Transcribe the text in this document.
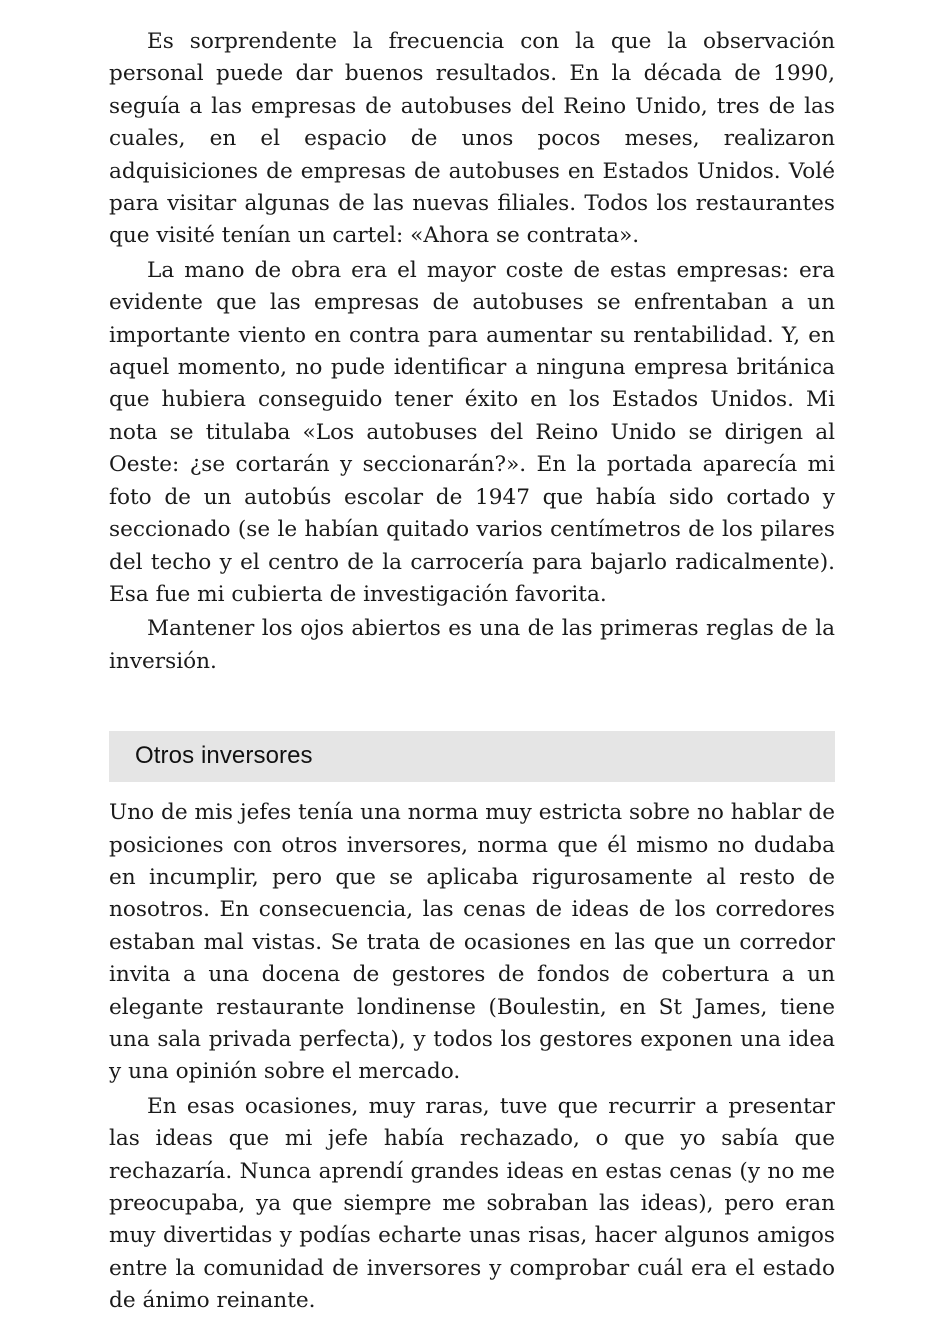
Es sorprendente la frecuencia con la que la observación personal puede dar buenos resultados. En la década de 1990, seguía a las empresas de autobuses del Reino Unido, tres de las cuales, en el espacio de unos pocos meses, realizaron adquisiciones de empresas de autobuses en Estados Unidos. Volé para visitar algunas de las nuevas filiales. Todos los restaurantes que visité tenían un cartel: «Ahora se contrata».

La mano de obra era el mayor coste de estas empresas: era evidente que las empresas de autobuses se enfrentaban a un importante viento en contra para aumentar su rentabilidad. Y, en aquel momento, no pude identificar a ninguna empresa británica que hubiera conseguido tener éxito en los Estados Unidos. Mi nota se titulaba «Los autobuses del Reino Unido se dirigen al Oeste: ¿se cortarán y seccionarán?». En la portada aparecía mi foto de un autobús escolar de 1947 que había sido cortado y seccionado (se le habían quitado varios centímetros de los pilares del techo y el centro de la carrocería para bajarlo radicalmente). Esa fue mi cubierta de investigación favorita.

Mantener los ojos abiertos es una de las primeras reglas de la inversión.

Otros inversores

Uno de mis jefes tenía una norma muy estricta sobre no hablar de posiciones con otros inversores, norma que él mismo no dudaba en incumplir, pero que se aplicaba rigurosamente al resto de nosotros. En consecuencia, las cenas de ideas de los corredores estaban mal vistas. Se trata de ocasiones en las que un corredor invita a una docena de gestores de fondos de cobertura a un elegante restaurante londinense (Boulestin, en St James, tiene una sala privada perfecta), y todos los gestores exponen una idea y una opinión sobre el mercado.

En esas ocasiones, muy raras, tuve que recurrir a presentar las ideas que mi jefe había rechazado, o que yo sabía que rechazaría. Nunca aprendí grandes ideas en estas cenas (y no me preocupaba, ya que siempre me sobraban las ideas), pero eran muy divertidas y podías echarte unas risas, hacer algunos amigos entre la comunidad de inversores y comprobar cuál era el estado de ánimo reinante.
